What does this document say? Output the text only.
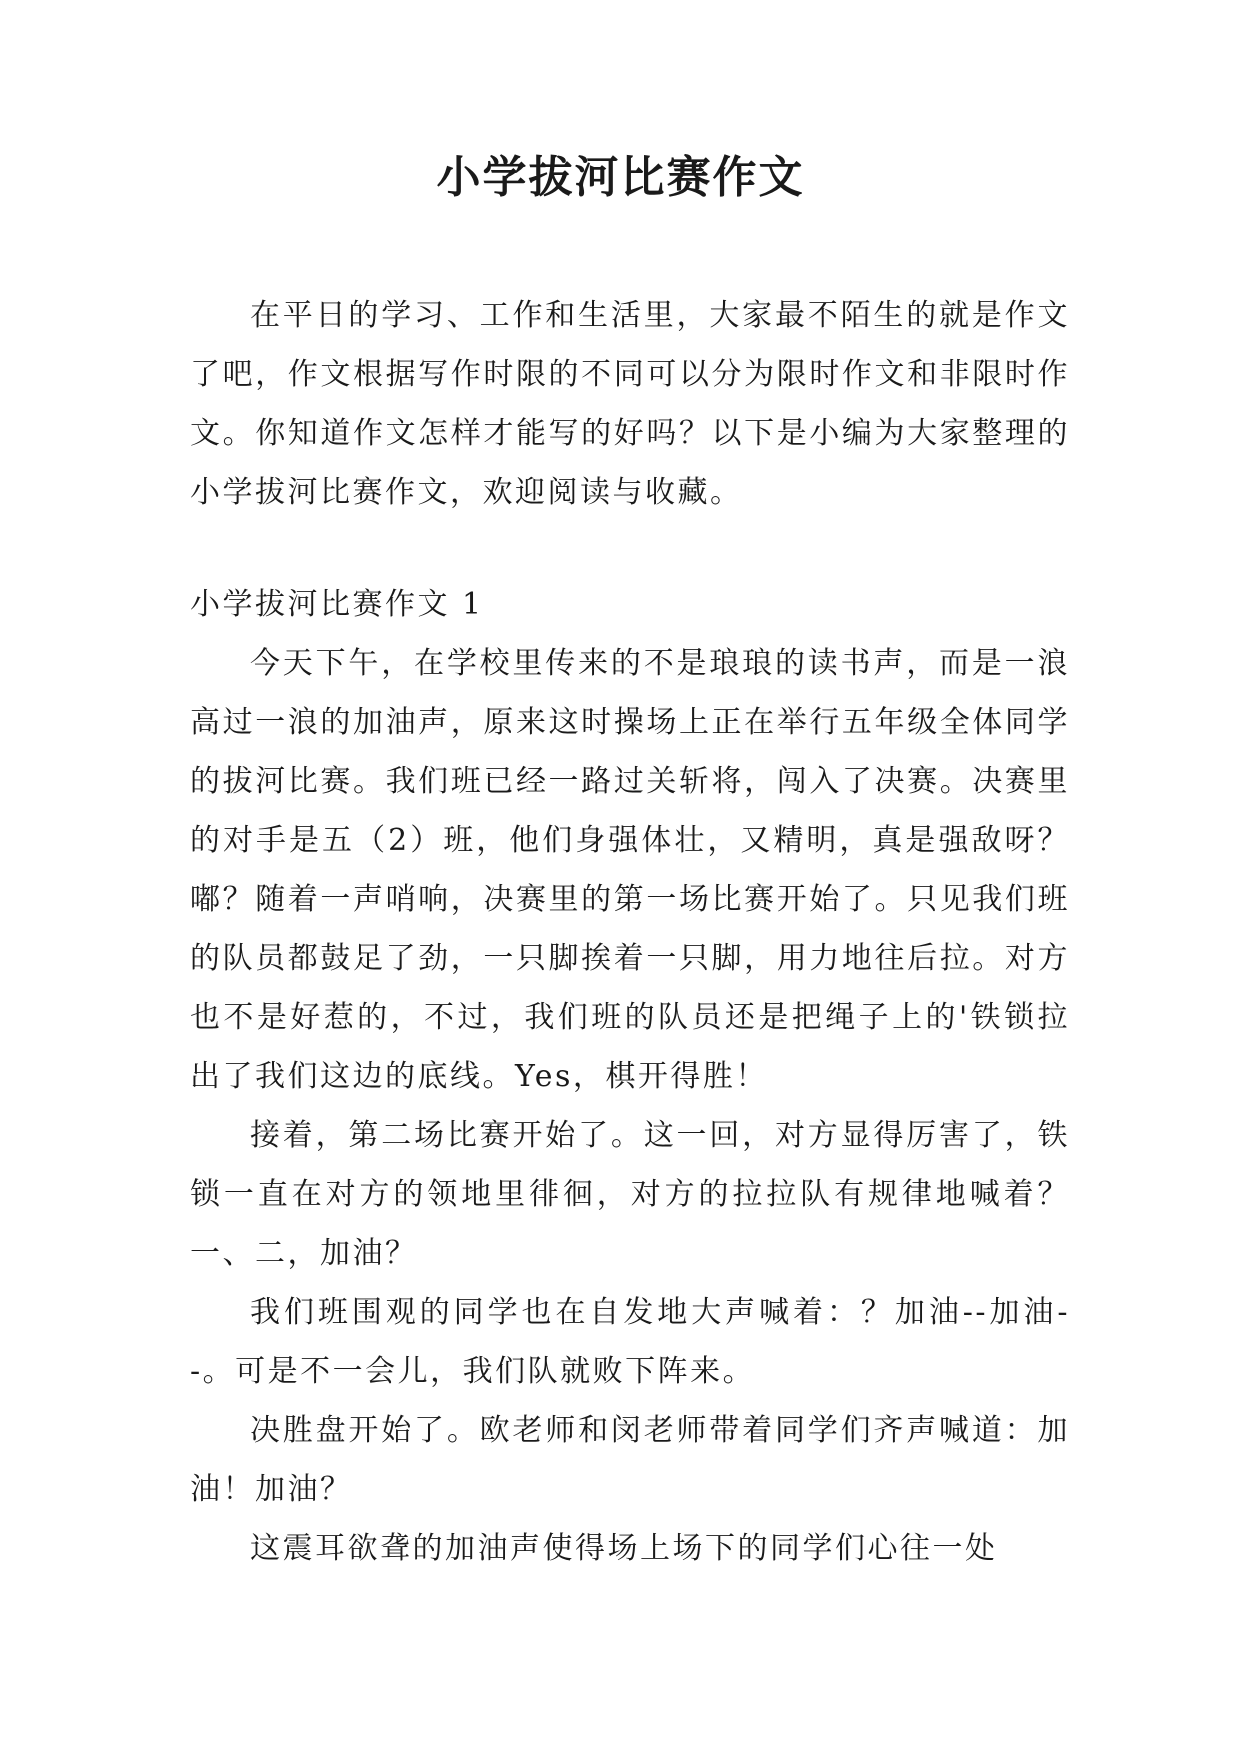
小学拔河比赛作文

在平日的学习、工作和生活里，大家最不陌生的就是作文了吧，作文根据写作时限的不同可以分为限时作文和非限时作文。你知道作文怎样才能写的好吗？以下是小编为大家整理的小学拔河比赛作文，欢迎阅读与收藏。

小学拔河比赛作文 1

今天下午，在学校里传来的不是琅琅的读书声，而是一浪高过一浪的加油声，原来这时操场上正在举行五年级全体同学的拔河比赛。我们班已经一路过关斩将，闯入了决赛。决赛里的对手是五（2）班，他们身强体壮，又精明，真是强敌呀？嘟？随着一声哨响，决赛里的第一场比赛开始了。只见我们班的队员都鼓足了劲，一只脚挨着一只脚，用力地往后拉。对方也不是好惹的，不过，我们班的队员还是把绳子上的'铁锁拉出了我们这边的底线。Yes，棋开得胜！

接着，第二场比赛开始了。这一回，对方显得厉害了，铁锁一直在对方的领地里徘徊，对方的拉拉队有规律地喊着？一、二，加油？

我们班围观的同学也在自发地大声喊着：？加油--加油--。可是不一会儿，我们队就败下阵来。

决胜盘开始了。欧老师和闵老师带着同学们齐声喊道：加油！加油？

这震耳欲聋的加油声使得场上场下的同学们心往一处
